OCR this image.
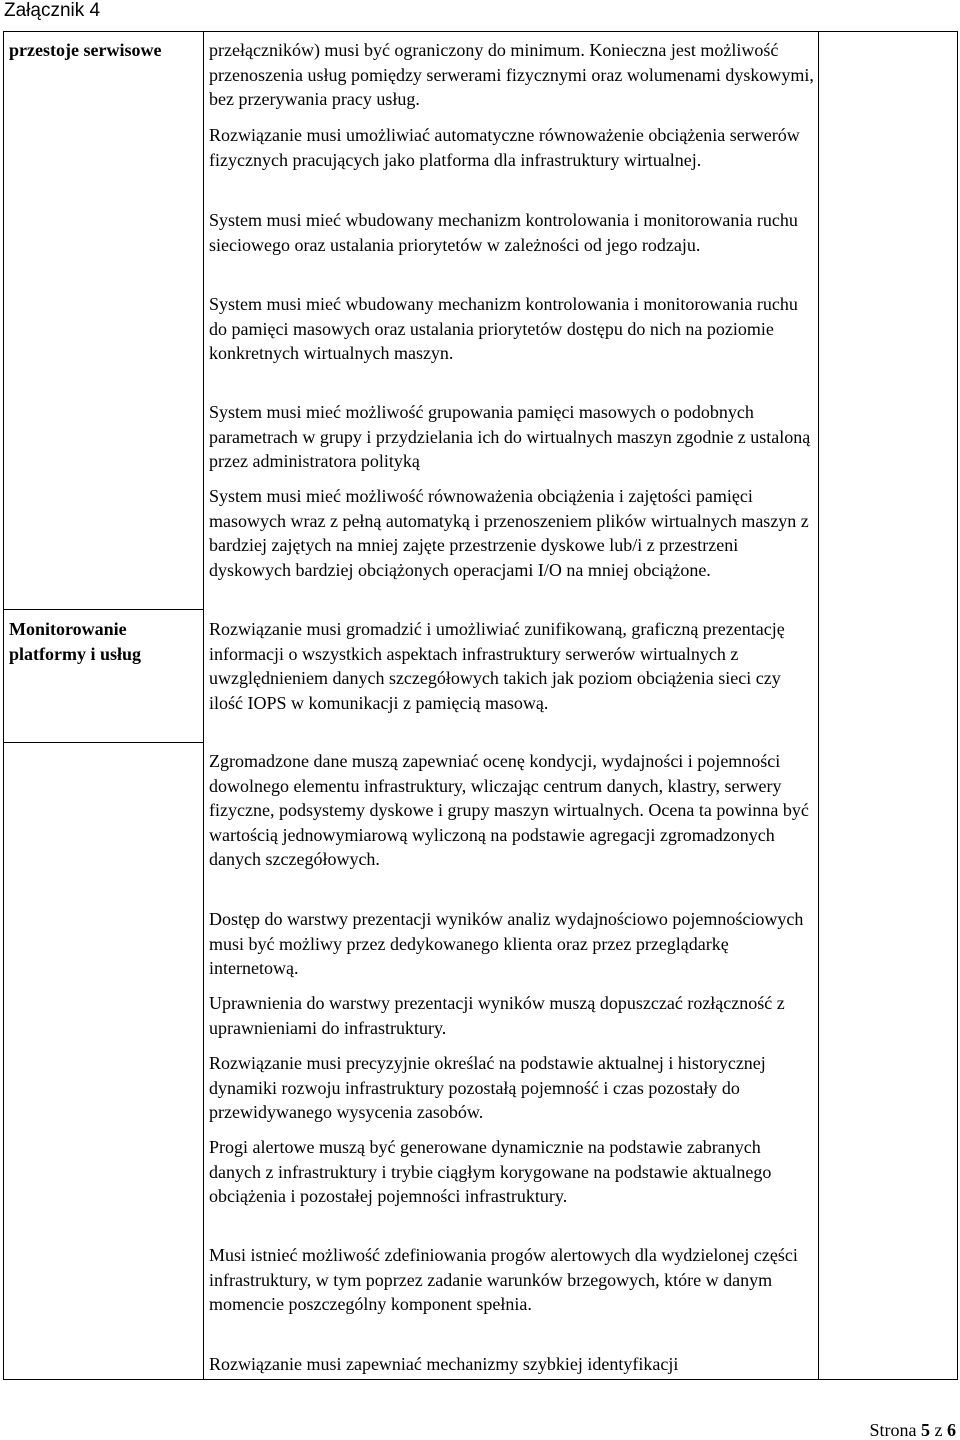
Załącznik 4
przestoje serwisowe
Monitorowanie platformy i usług
przełączników) musi być ograniczony do minimum. Konieczna jest możliwość przenoszenia usług pomiędzy serwerami fizycznymi oraz wolumenami dyskowymi, bez przerywania pracy usług.
Rozwiązanie musi umożliwiać automatyczne równoważenie obciążenia serwerów fizycznych pracujących jako platforma dla infrastruktury wirtualnej.
System musi mieć wbudowany mechanizm kontrolowania i monitorowania ruchu sieciowego oraz ustalania priorytetów w zależności od jego rodzaju.
System musi mieć wbudowany mechanizm kontrolowania i monitorowania ruchu do pamięci masowych oraz ustalania priorytetów dostępu do nich na poziomie konkretnych wirtualnych maszyn.
System musi mieć możliwość grupowania pamięci masowych o podobnych parametrach w grupy i przydzielania ich do wirtualnych maszyn zgodnie z ustaloną przez administratora polityką
System musi mieć możliwość równoważenia obciążenia i zajętości pamięci masowych wraz z pełną automatyką i przenoszeniem plików wirtualnych maszyn z bardziej zajętych na mniej zajęte przestrzenie dyskowe lub/i z przestrzeni dyskowych bardziej obciążonych operacjami I/O na mniej obciążone.
Rozwiązanie musi gromadzić i umożliwiać zunifikowaną, graficzną prezentację informacji o wszystkich aspektach infrastruktury serwerów wirtualnych z uwzględnieniem danych szczegółowych takich jak poziom obciążenia sieci czy ilość IOPS w komunikacji z pamięcią masową.
Zgromadzone dane muszą zapewniać ocenę kondycji, wydajności i pojemności dowolnego elementu infrastruktury, wliczając centrum danych, klastry, serwery fizyczne, podsystemy dyskowe i grupy maszyn wirtualnych. Ocena ta powinna być wartością jednowymiarową wyliczoną na podstawie agregacji zgromadzonych danych szczegółowych.
Dostęp do warstwy prezentacji wyników analiz wydajnościowo pojemnościowych musi być możliwy przez dedykowanego klienta oraz przez przeglądarkę internetową.
Uprawnienia do warstwy prezentacji wyników muszą dopuszczać rozłączność z uprawnieniami do infrastruktury.
Rozwiązanie musi precyzyjnie określać na podstawie aktualnej i historycznej dynamiki rozwoju infrastruktury pozostałą pojemność i czas pozostały do przewidywanego wysycenia zasobów.
Progi alertowe muszą być generowane dynamicznie na podstawie zabranych danych z infrastruktury i trybie ciągłym korygowane na podstawie aktualnego obciążenia i pozostałej pojemności infrastruktury.
Musi istnieć możliwość zdefiniowania progów alertowych dla wydzielonej części infrastruktury, w tym poprzez zadanie warunków brzegowych, które w danym momencie poszczególny komponent spełnia.
Rozwiązanie musi zapewniać mechanizmy szybkiej identyfikacji
Strona 5 z 6
